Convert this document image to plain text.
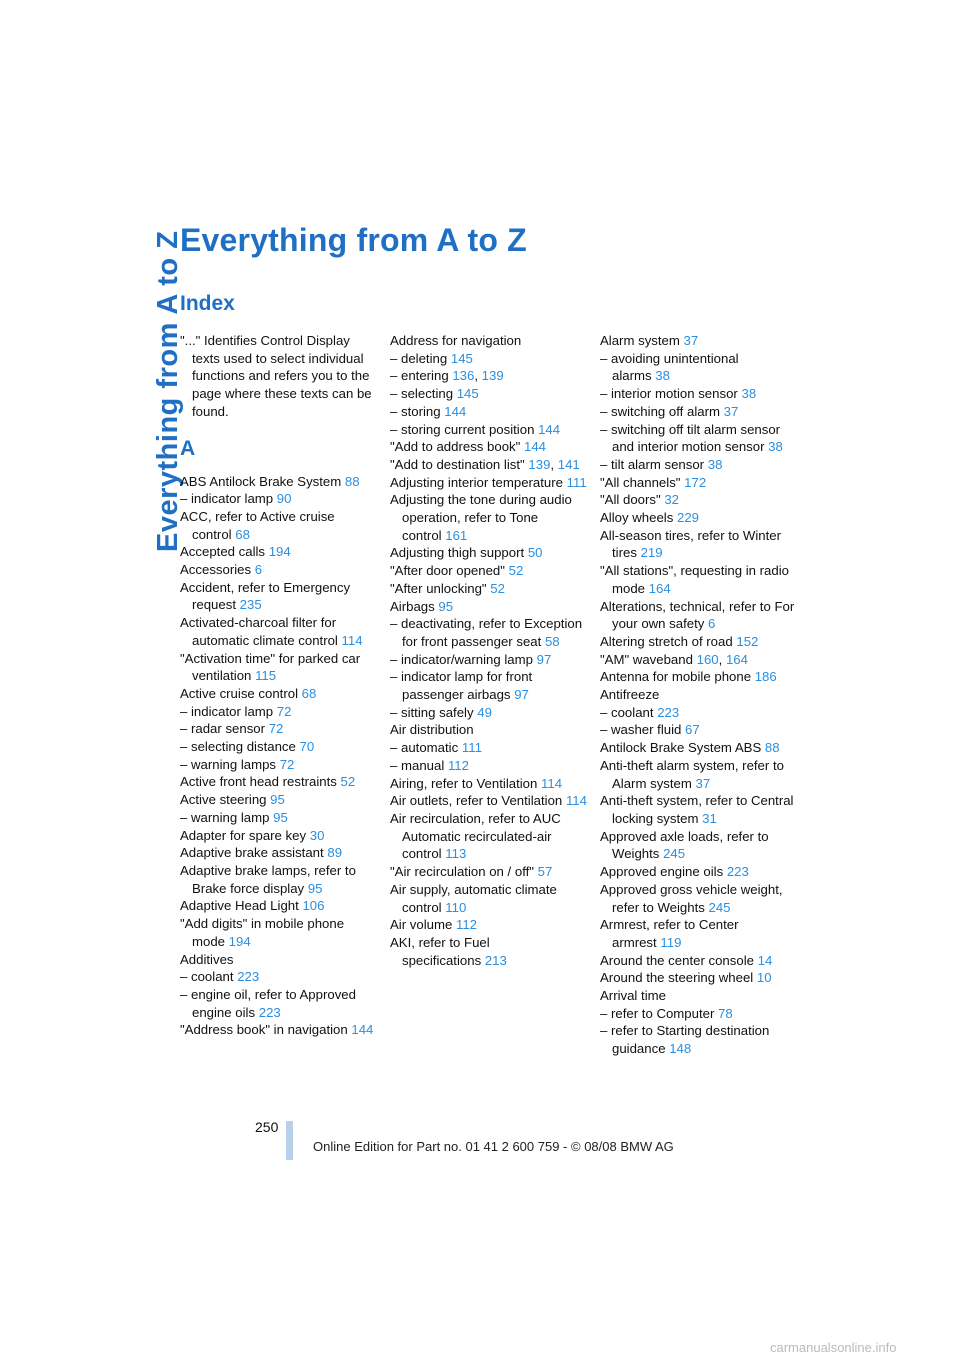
Everything from A to Z
Everything from A to Z
Index
"..." Identifies Control Display texts used to select individual functions and refers you to the page where these texts can be found.
A
ABS Antilock Brake System 88
– indicator lamp 90
ACC, refer to Active cruise control 68
Accepted calls 194
Accessories 6
Accident, refer to Emergency request 235
Activated-charcoal filter for automatic climate control 114
"Activation time" for parked car ventilation 115
Active cruise control 68
– indicator lamp 72
– radar sensor 72
– selecting distance 70
– warning lamps 72
Active front head restraints 52
Active steering 95
– warning lamp 95
Adapter for spare key 30
Adaptive brake assistant 89
Adaptive brake lamps, refer to Brake force display 95
Adaptive Head Light 106
"Add digits" in mobile phone mode 194
Additives
– coolant 223
– engine oil, refer to Approved engine oils 223
"Address book" in navigation 144
Address for navigation
– deleting 145
– entering 136, 139
– selecting 145
– storing 144
– storing current position 144
"Add to address book" 144
"Add to destination list" 139, 141
Adjusting interior temperature 111
Adjusting the tone during audio operation, refer to Tone control 161
Adjusting thigh support 50
"After door opened" 52
"After unlocking" 52
Airbags 95
– deactivating, refer to Exception for front passenger seat 58
– indicator/warning lamp 97
– indicator lamp for front passenger airbags 97
– sitting safely 49
Air distribution
– automatic 111
– manual 112
Airing, refer to Ventilation 114
Air outlets, refer to Ventilation 114
Air recirculation, refer to AUC Automatic recirculated-air control 113
"Air recirculation on / off" 57
Air supply, automatic climate control 110
Air volume 112
AKI, refer to Fuel specifications 213
Alarm system 37
– avoiding unintentional alarms 38
– interior motion sensor 38
– switching off alarm 37
– switching off tilt alarm sensor and interior motion sensor 38
– tilt alarm sensor 38
"All channels" 172
"All doors" 32
Alloy wheels 229
All-season tires, refer to Winter tires 219
"All stations", requesting in radio mode 164
Alterations, technical, refer to For your own safety 6
Altering stretch of road 152
"AM" waveband 160, 164
Antenna for mobile phone 186
Antifreeze
– coolant 223
– washer fluid 67
Antilock Brake System ABS 88
Anti-theft alarm system, refer to Alarm system 37
Anti-theft system, refer to Central locking system 31
Approved axle loads, refer to Weights 245
Approved engine oils 223
Approved gross vehicle weight, refer to Weights 245
Armrest, refer to Center armrest 119
Around the center console 14
Around the steering wheel 10
Arrival time
– refer to Computer 78
– refer to Starting destination guidance 148
250
Online Edition for Part no. 01 41 2 600 759 - © 08/08 BMW AG
carmanualsonline.info
